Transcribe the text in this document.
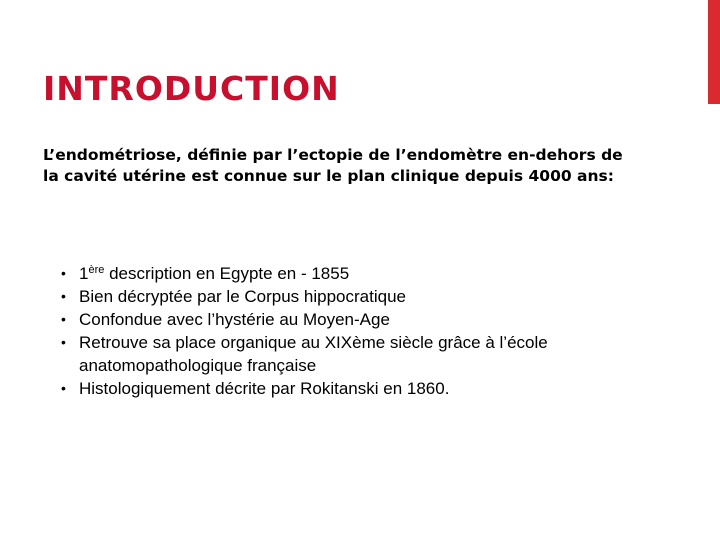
INTRODUCTION

L’endométriose, définie par l’ectopie de l’endomètre en-dehors de la cavité utérine est connue sur le plan clinique depuis 4000 ans:

• 1ère description en Egypte en - 1855
• Bien décryptée par le Corpus hippocratique
• Confondue avec l’hystérie au Moyen-Age
• Retrouve sa place organique au XIXème siècle grâce à l’école anatomopathologique française
• Histologiquement décrite par Rokitanski en 1860.
